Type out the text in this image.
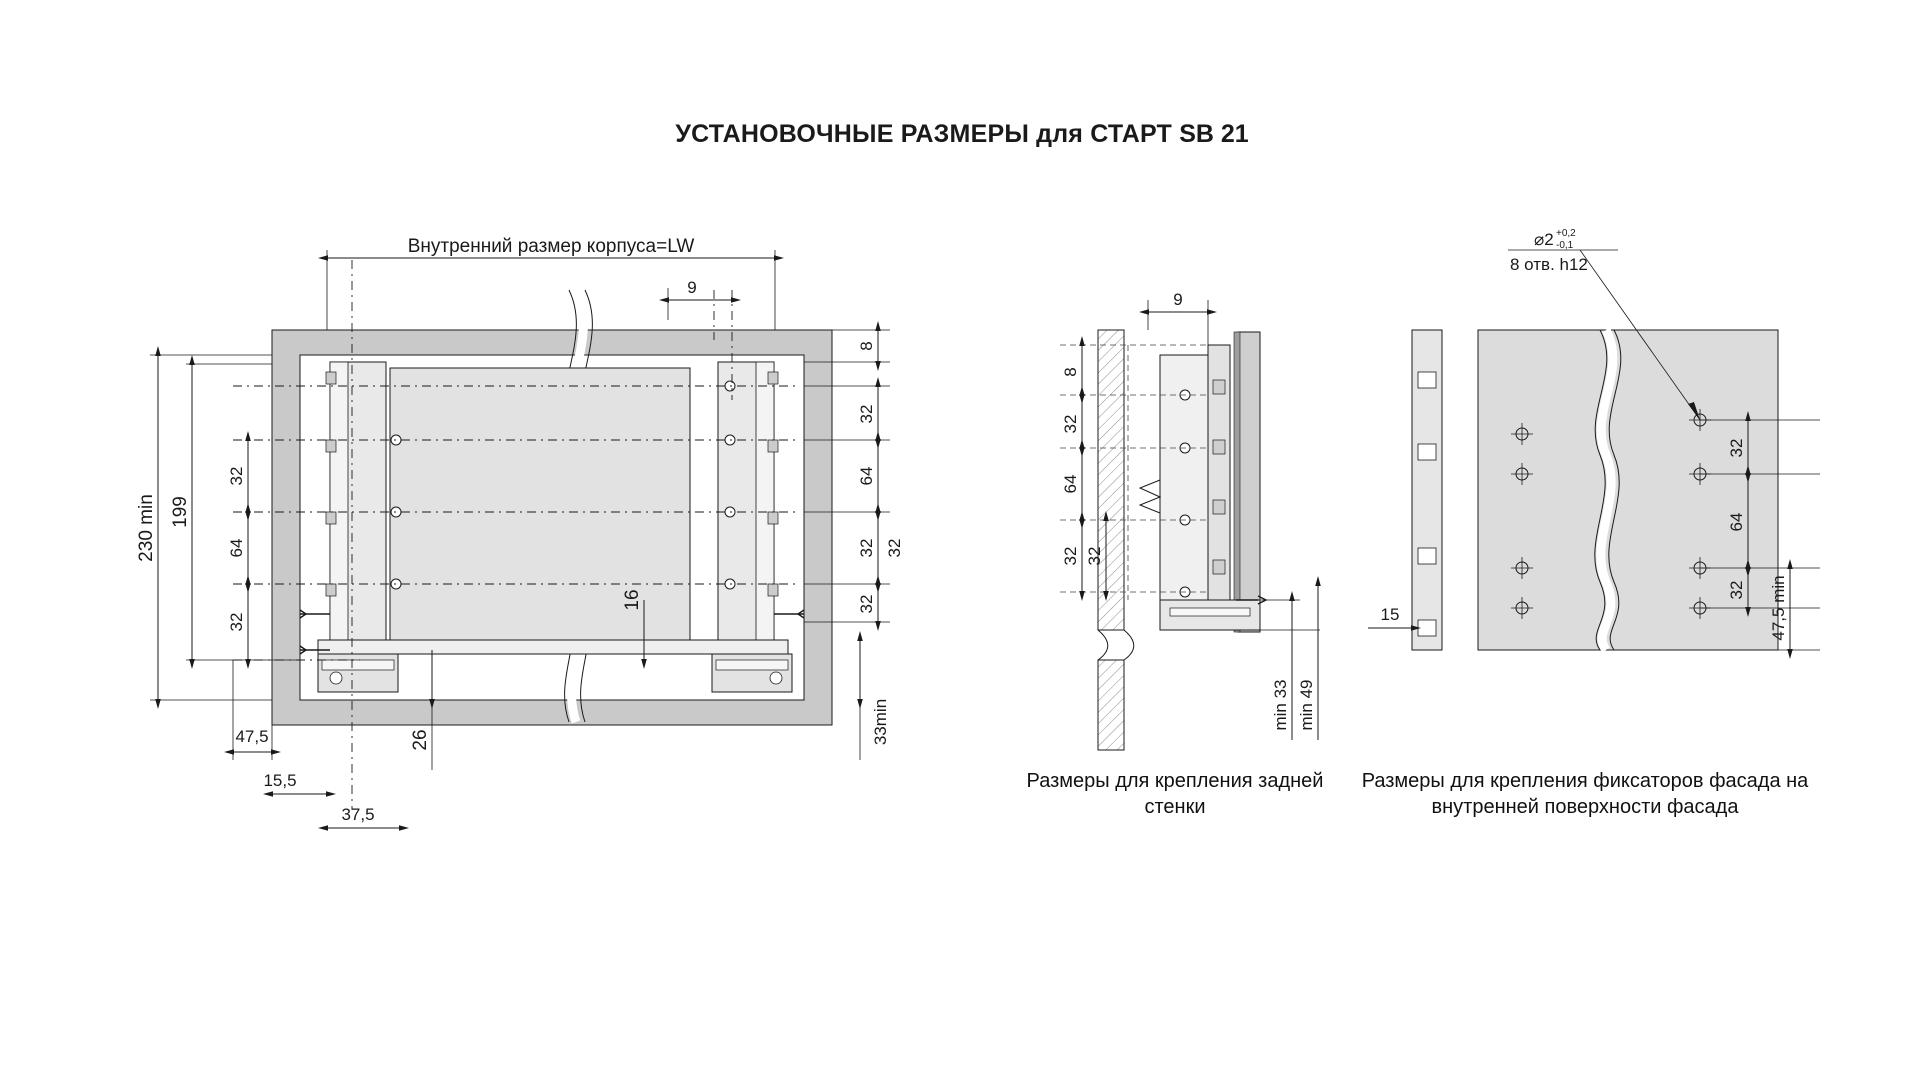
УСТАНОВОЧНЫЕ РАЗМЕРЫ для СТАРТ SB 21
Внутренний размер корпуса=LW
9
230 min 199
32
64
32
47,5
15,5
37,5
16
26
8
32
64
32 32
32
33min
9
8
32
64
32 32
min 33 min 49
⌀2 +0,2
-0,1
8 отв. h12
15
32
64
32 47,5 min
Размеры для крепления задней стенки
Размеры для крепления фиксаторов фасада на внутренней поверхности фасада
